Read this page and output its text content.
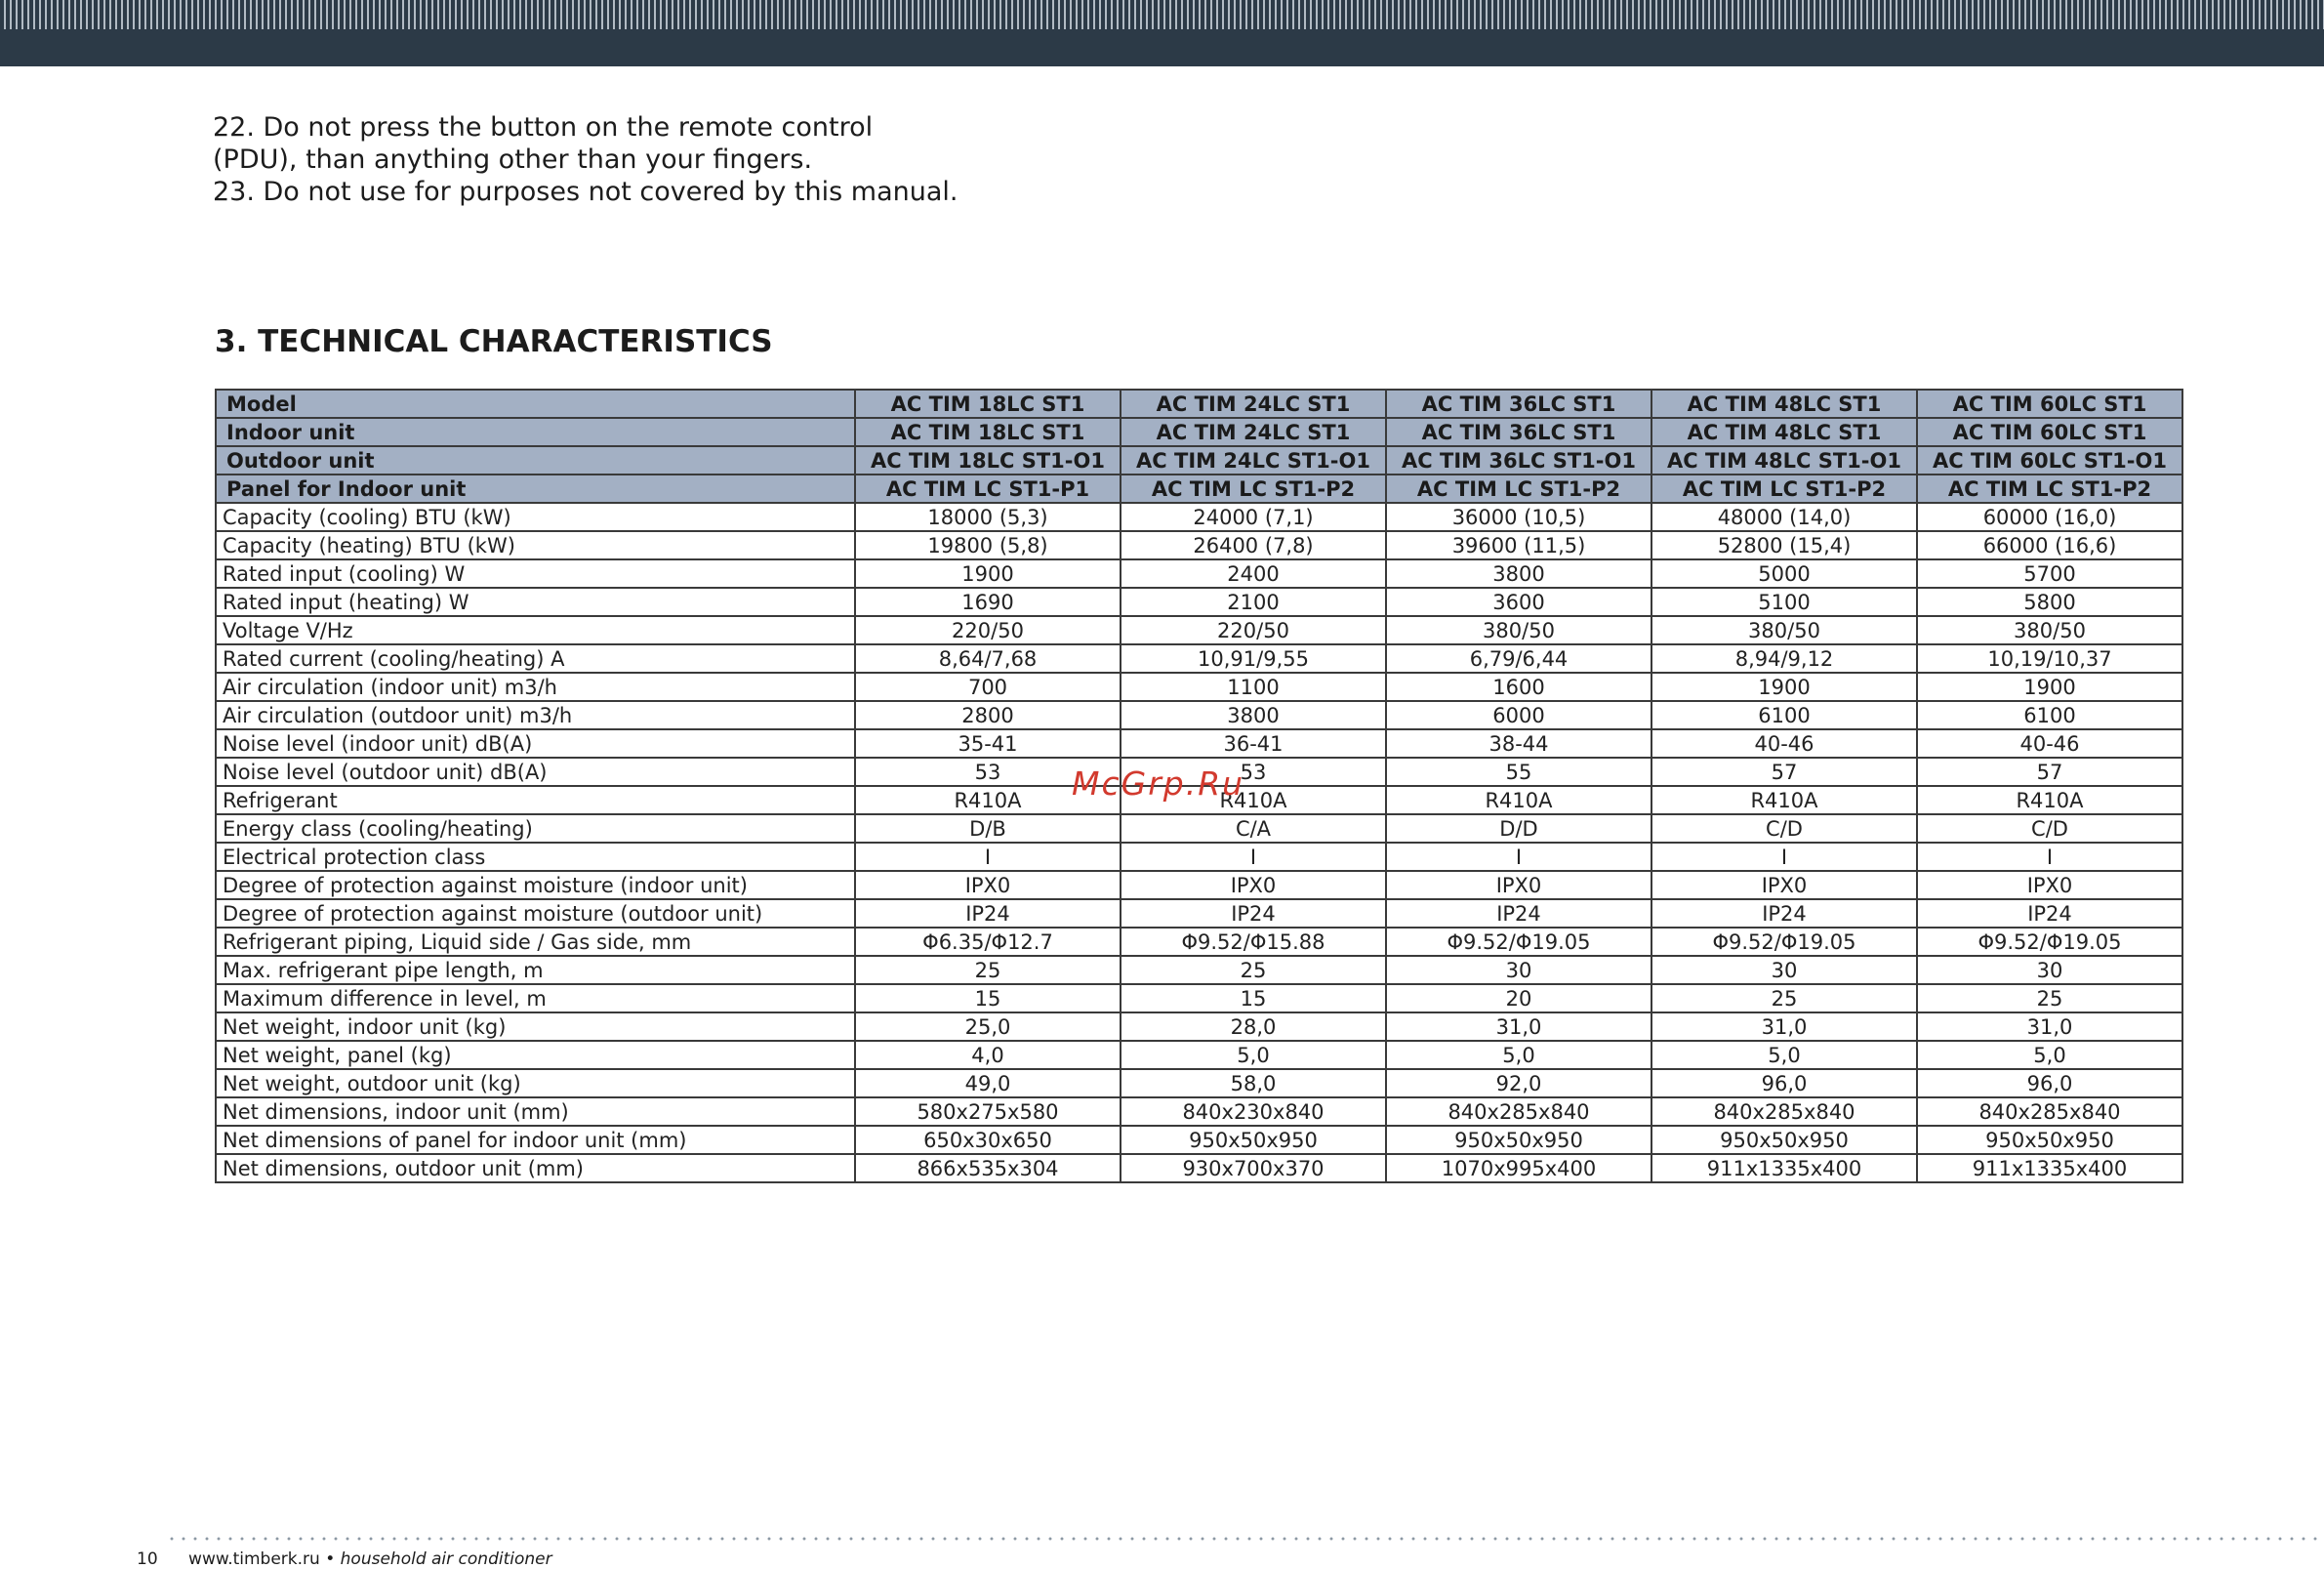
22. Do not press the button on the remote control
(PDU), than anything other than your fingers.
23. Do not use for purposes not covered by this manual.
3. TECHNICAL CHARACTERISTICS
Model	AC TIM 18LC ST1	AC TIM 24LC ST1	AC TIM 36LC ST1	AC TIM 48LC ST1	AC TIM 60LC ST1
Indoor unit	AC TIM 18LC ST1	AC TIM 24LC ST1	AC TIM 36LC ST1	AC TIM 48LC ST1	AC TIM 60LC ST1
Outdoor unit	AC TIM 18LC ST1-O1	AC TIM 24LC ST1-O1	AC TIM 36LC ST1-O1	AC TIM 48LC ST1-O1	AC TIM 60LC ST1-O1
Panel for Indoor unit	AC TIM LC ST1-P1	AC TIM LC ST1-P2	AC TIM LC ST1-P2	AC TIM LC ST1-P2	AC TIM LC ST1-P2
Capacity (cooling) BTU (kW)	18000 (5,3)	24000 (7,1)	36000 (10,5)	48000 (14,0)	60000 (16,0)
Capacity (heating) BTU (kW)	19800 (5,8)	26400 (7,8)	39600 (11,5)	52800 (15,4)	66000 (16,6)
Rated input (cooling) W	1900	2400	3800	5000	5700
Rated input (heating) W	1690	2100	3600	5100	5800
Voltage V/Hz	220/50	220/50	380/50	380/50	380/50
Rated current (cooling/heating) A	8,64/7,68	10,91/9,55	6,79/6,44	8,94/9,12	10,19/10,37
Air circulation (indoor unit) m3/h	700	1100	1600	1900	1900
Air circulation (outdoor unit) m3/h	2800	3800	6000	6100	6100
Noise level (indoor unit) dB(A)	35-41	36-41	38-44	40-46	40-46
Noise level (outdoor unit) dB(A)	53	53	55	57	57
Refrigerant	R410A	R410A	R410A	R410A	R410A
Energy class (cooling/heating)	D/B	C/A	D/D	C/D	C/D
Electrical protection class	I	I	I	I	I
Degree of protection against moisture (indoor unit)	IPX0	IPX0	IPX0	IPX0	IPX0
Degree of protection against moisture (outdoor unit)	IP24	IP24	IP24	IP24	IP24
Refrigerant piping, Liquid side / Gas side, mm	Φ6.35/Φ12.7	Φ9.52/Φ15.88	Φ9.52/Φ19.05	Φ9.52/Φ19.05	Φ9.52/Φ19.05
Max. refrigerant pipe length, m	25	25	30	30	30
Maximum difference in level, m	15	15	20	25	25
Net weight, indoor unit (kg)	25,0	28,0	31,0	31,0	31,0
Net weight, panel (kg)	4,0	5,0	5,0	5,0	5,0
Net weight, outdoor unit (kg)	49,0	58,0	92,0	96,0	96,0
Net dimensions, indoor unit (mm)	580x275x580	840x230x840	840x285x840	840x285x840	840x285x840
Net dimensions of panel for indoor unit (mm)	650x30x650	950x50x950	950x50x950	950x50x950	950x50x950
Net dimensions, outdoor unit (mm)	866x535x304	930x700x370	1070x995x400	911x1335x400	911x1335x400
McGrp.Ru
10 www.timberk.ru • household air conditioner
